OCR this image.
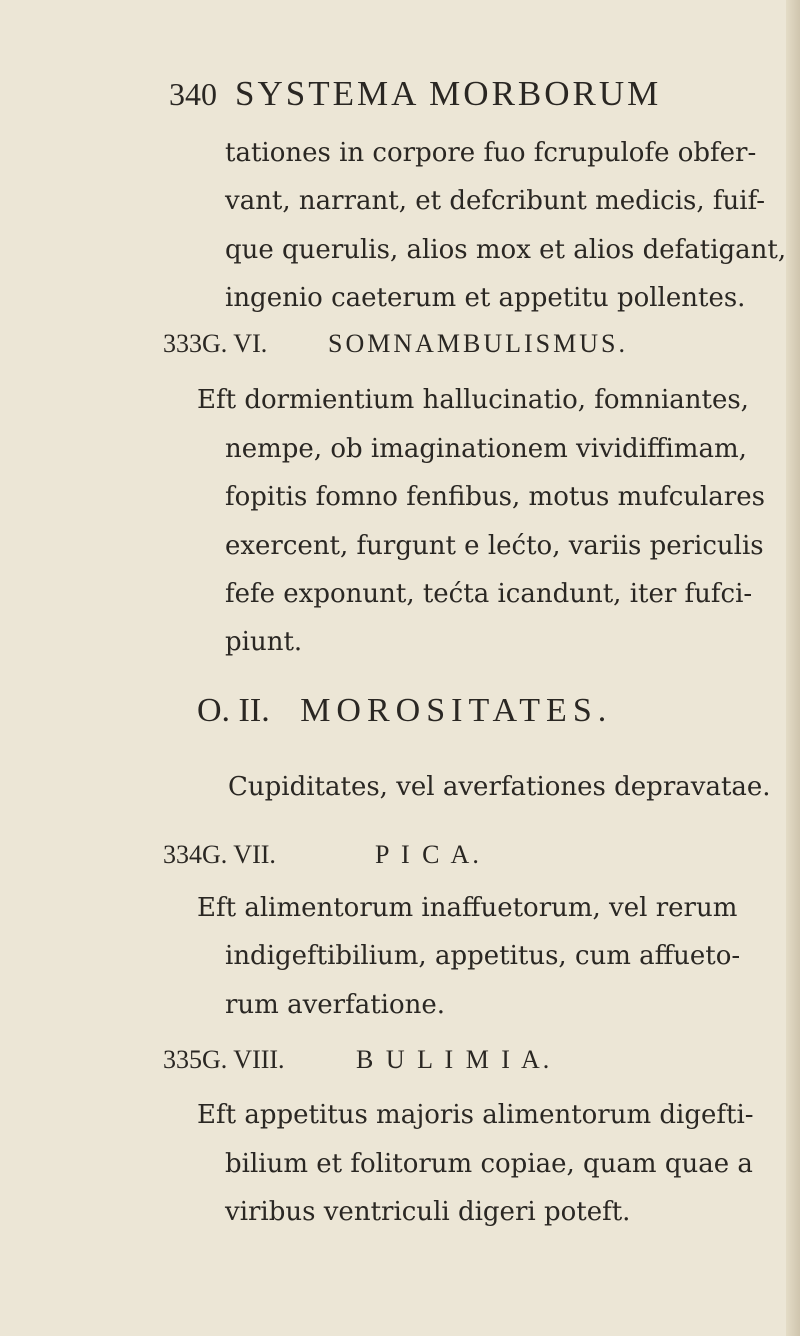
340 SYSTEMA MORBORUM
tationes in corpore fuo fcrupulofe obfer-
vant, narrant, et defcribunt medicis, fuif-
que querulis, alios mox et alios defatigant,
ingenio caeterum et appetitu pollentes.
333 G. VI. SOMNAMBULISMUS.
Eft dormientium hallucinatio, fomniantes,
nempe, ob imaginationem vividiffimam,
fopitis fomno fenfibus, motus mufculares
exercent, furgunt e lećto, variis periculis
fefe exponunt, tećta icandunt, iter fufci-
piunt.
O. II. MOROSITATES.
Cupiditates, vel averfationes depravatae.
334 G. VII.	P I C A.
Eft alimentorum inaffuetorum, vel rerum
indigeftibilium, appetitus, cum affueto-
rum averfatione.
335 G. VIII.	B U L I M I A.
Eft appetitus majoris alimentorum digefti-
bilium et folitorum copiae, quam quae a
viribus ventriculi digeri poteft.
